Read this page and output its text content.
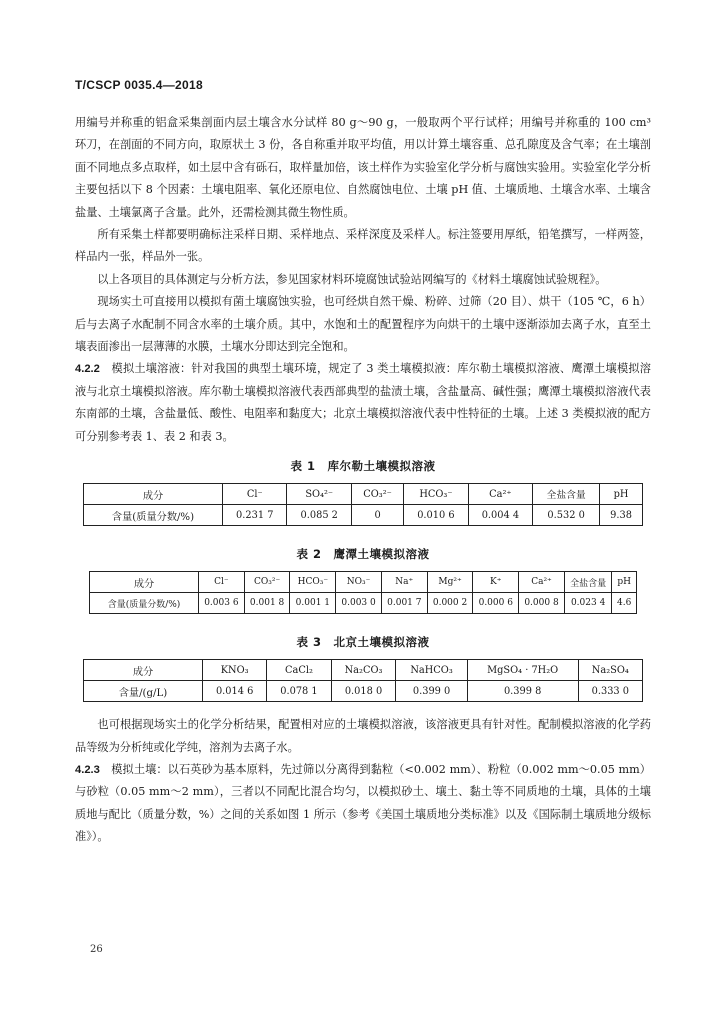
T/CSCP 0035.4—2018

用编号并称重的铝盒采集剖面内层土壤含水分试样 80 g～90 g，一般取两个平行试样；用编号并称重的 100 cm³ 环刀，在剖面的不同方向，取原状土 3 份，各自称重并取平均值，用以计算土壤容重、总孔隙度及含气率；在土壤剖面不同地点多点取样，如土层中含有砾石，取样量加倍，该土样作为实验室化学分析与腐蚀实验用。实验室化学分析主要包括以下 8 个因素：土壤电阻率、氧化还原电位、自然腐蚀电位、土壤 pH 值、土壤质地、土壤含水率、土壤含盐量、土壤氯离子含量。此外，还需检测其微生物性质。

所有采集土样都要明确标注采样日期、采样地点、采样深度及采样人。标注签要用厚纸，铅笔撰写，一样两签，样品内一张，样品外一张。

以上各项目的具体测定与分析方法，参见国家材料环境腐蚀试验站网编写的《材料土壤腐蚀试验规程》。

现场实土可直接用以模拟有菌土壤腐蚀实验，也可经烘自然干燥、粉碎、过筛（20 目）、烘干（105 ℃，6 h）后与去离子水配制不同含水率的土壤介质。其中，水饱和土的配置程序为向烘干的土壤中逐渐添加去离子水，直至土壤表面渗出一层薄薄的水膜，土壤水分即达到完全饱和。

4.2.2　 模拟土壤溶液：针对我国的典型土壤环境，规定了 3 类土壤模拟液：库尔勒土壤模拟溶液、鹰潭土壤模拟溶液与北京土壤模拟溶液。库尔勒土壤模拟溶液代表西部典型的盐渍土壤，含盐量高、碱性强；鹰潭土壤模拟溶液代表东南部的土壤，含盐量低、酸性、电阻率和黏度大；北京土壤模拟溶液代表中性特征的土壤。上述 3 类模拟液的配方可分别参考表 1、表 2 和表 3。

表 1　库尔勒土壤模拟溶液
成分	Cl⁻	SO₄²⁻	CO₃²⁻	HCO₃⁻	Ca²⁺	全盐含量	pH
含量(质量分数/%)	0.231 7	0.085 2	0	0.010 6	0.004 4	0.532 0	9.38
表 2　鹰潭土壤模拟溶液
成分	Cl⁻	CO₃²⁻	HCO₃⁻	NO₃⁻	Na⁺	Mg²⁺	K⁺	Ca²⁺	全盐含量	pH
含量(质量分数/%)	0.003 6	0.001 8	0.001 1	0.003 0	0.001 7	0.000 2	0.000 6	0.000 8	0.023 4	4.6
表 3　北京土壤模拟溶液
成分	KNO₃	CaCl₂	Na₂CO₃	NaHCO₃	MgSO₄ · 7H₂O	Na₂SO₄
含量/(g/L)	0.014 6	0.078 1	0.018 0	0.399 0	0.399 8	0.333 0

也可根据现场实土的化学分析结果，配置相对应的土壤模拟溶液，该溶液更具有针对性。配制模拟溶液的化学药品等级为分析纯或化学纯，溶剂为去离子水。

4.2.3　 模拟土壤：以石英砂为基本原料，先过筛以分离得到黏粒（<0.002 mm）、粉粒（0.002 mm～0.05 mm）与砂粒（0.05 mm～2 mm），三者以不同配比混合均匀，以模拟砂土、壤土、黏土等不同质地的土壤，具体的土壤质地与配比（质量分数，%）之间的关系如图 1 所示（参考《美国土壤质地分类标准》以及《国际制土壤质地分级标准》）。

26
